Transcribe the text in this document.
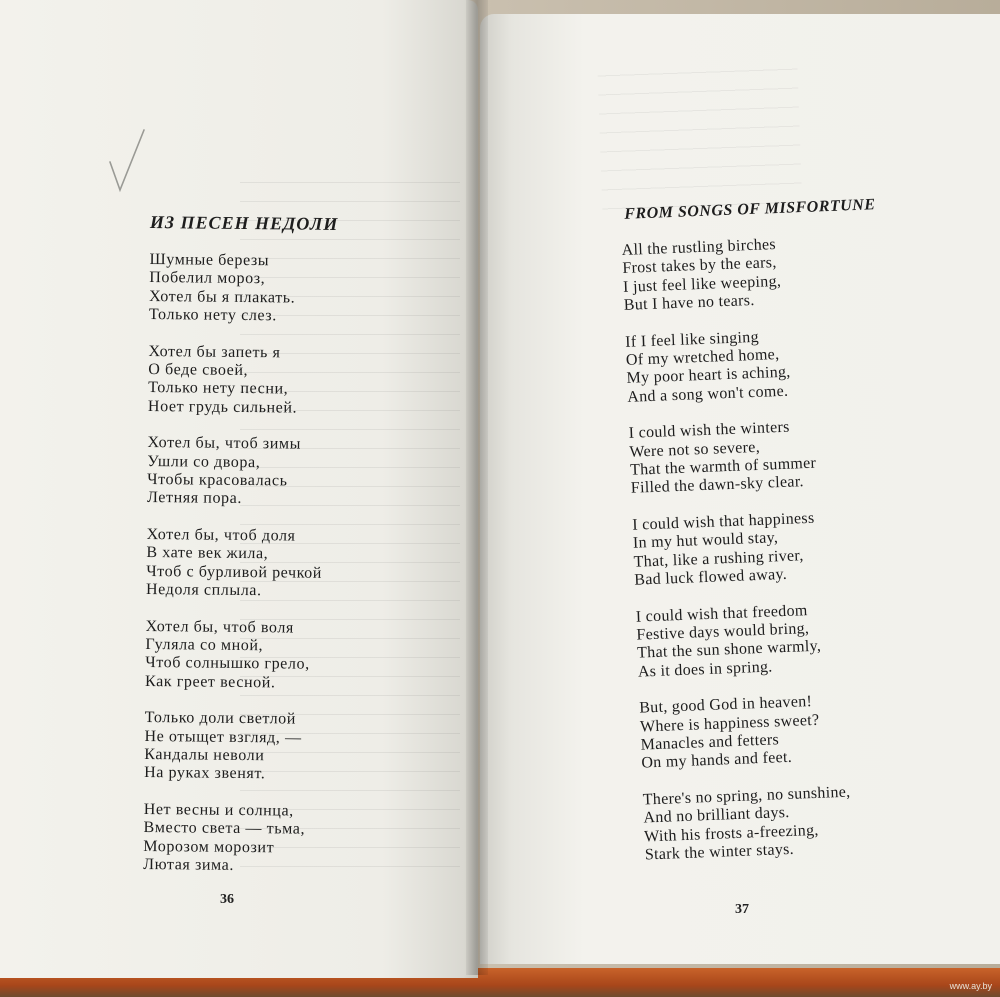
ИЗ ПЕСЕН НЕДОЛИ
Шумные березы
Побелил мороз,
Хотел бы я плакать.
Только нету слез.
Хотел бы запеть я
О беде своей,
Только нету песни,
Ноет грудь сильней.
Хотел бы, чтоб зимы
Ушли со двора,
Чтобы красовалась
Летняя пора.
Хотел бы, чтоб доля
В хате век жила,
Чтоб с бурливой речкой
Недоля сплыла.
Хотел бы, чтоб воля
Гуляла со мной,
Чтоб солнышко грело,
Как греет весной.
Только доли светлой
Не отыщет взгляд, —
Кандалы неволи
На руках звенят.
Нет весны и солнца,
Вместо света — тьма,
Морозом морозит
Лютая зима.
FROM SONGS OF MISFORTUNE
All the rustling birches
Frost takes by the ears,
I just feel like weeping,
But I have no tears.
If I feel like singing
Of my wretched home,
My poor heart is aching,
And a song won't come.
I could wish the winters
Were not so severe,
That the warmth of summer
Filled the dawn-sky clear.
I could wish that happiness
In my hut would stay,
That, like a rushing river,
Bad luck flowed away.
I could wish that freedom
Festive days would bring,
That the sun shone warmly,
As it does in spring.
But, good God in heaven!
Where is happiness sweet?
Manacles and fetters
On my hands and feet.
There's no spring, no sunshine,
And no brilliant days.
With his frosts a-freezing,
Stark the winter stays.
36
37
www.ay.by
